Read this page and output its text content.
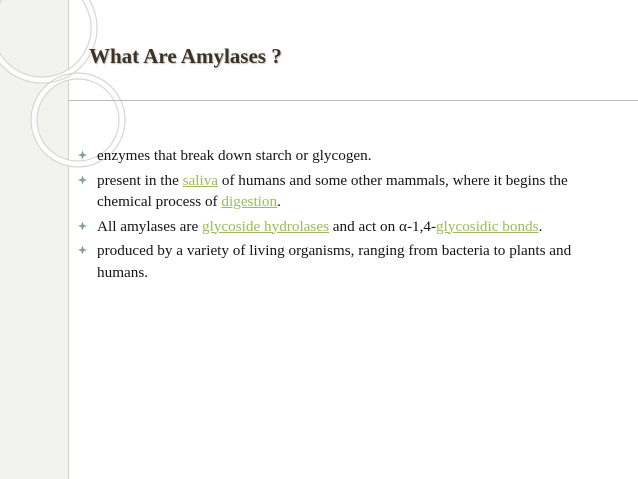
What Are Amylases ?
enzymes that break down starch or glycogen.
present in the saliva of humans and some other mammals, where it begins the chemical process of digestion.
All amylases are glycoside hydrolases and act on α-1,4-glycosidic bonds.
produced by a variety of living organisms, ranging from bacteria to plants and humans.
